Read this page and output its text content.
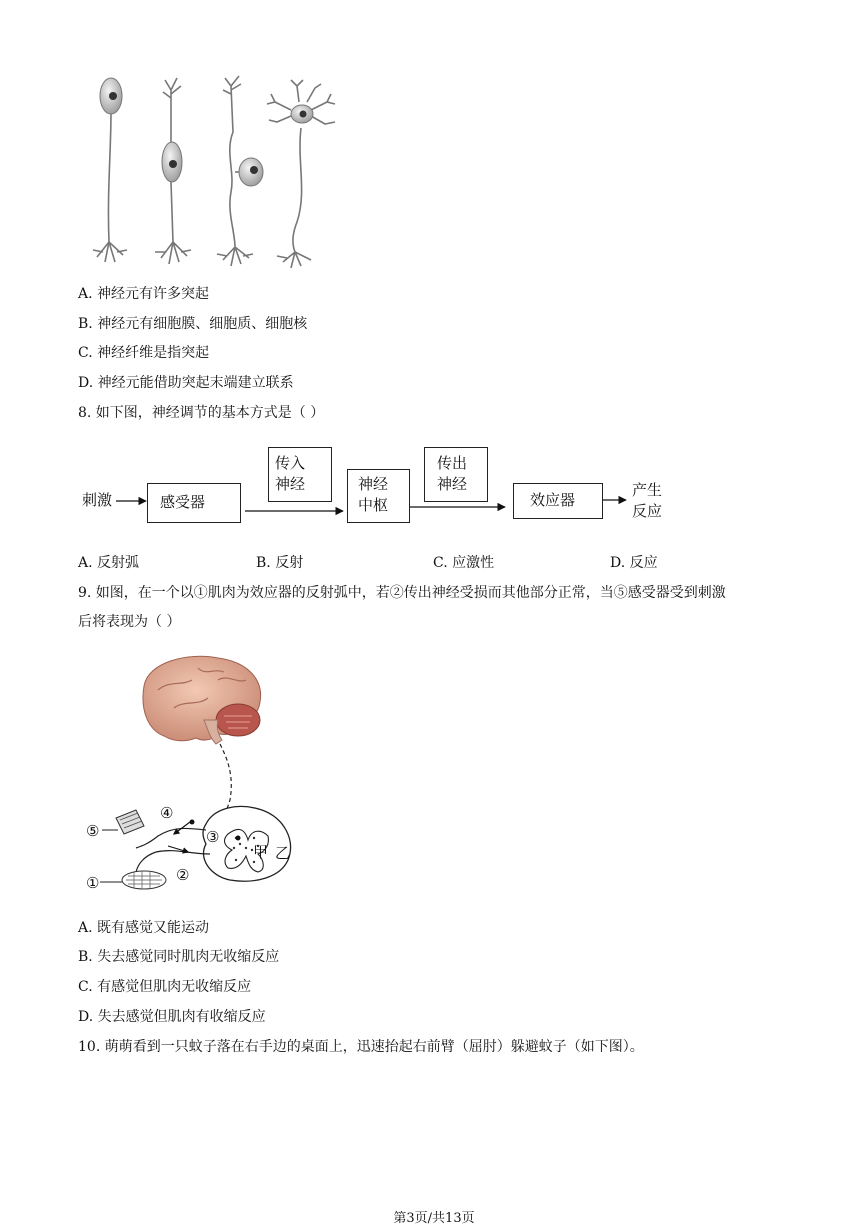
A. 神经元有许多突起
B. 神经元有细胞膜、细胞质、细胞核
C. 神经纤维是指突起
D. 神经元能借助突起末端建立联系
8. 如下图，神经调节的基本方式是（ ）
刺激	感受器
传入
神经	神经
中枢
传出
神经
效应器
产生
反应
A. 反射弧	B. 反射	C. 应激性	D. 反应
9. 如图，在一个以①肌肉为效应器的反射弧中，若②传出神经受损而其他部分正常，当⑤感受器受到刺激
后将表现为（ ）
⑤
④
③
②
①
甲 乙
A. 既有感觉又能运动
B. 失去感觉同时肌肉无收缩反应
C. 有感觉但肌肉无收缩反应
D. 失去感觉但肌肉有收缩反应
10. 萌萌看到一只蚊子落在右手边的桌面上，迅速抬起右前臂（屈肘）躲避蚊子（如下图）。
第3页/共13页
